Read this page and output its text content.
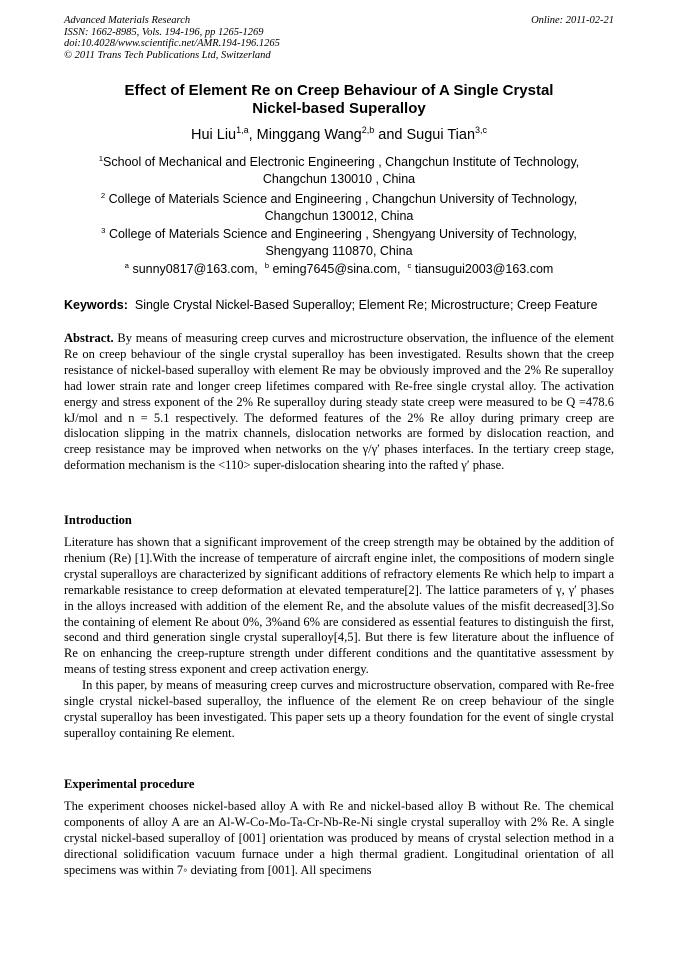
Advanced Materials Research
ISSN: 1662-8985, Vols. 194-196, pp 1265-1269
doi:10.4028/www.scientific.net/AMR.194-196.1265
© 2011 Trans Tech Publications Ltd, Switzerland
Online: 2011-02-21
Effect of Element Re on Creep Behaviour of A Single Crystal
Nickel-based Superalloy
Hui Liu$^{1,a}$, Minggang Wang$^{2,b}$ and Sugui Tian$^{3,c}$
$^1$School of Mechanical and Electronic Engineering , Changchun Institute of Technology,
Changchun 130010 , China
$^2$ College of Materials Science and Engineering , Changchun University of Technology,
Changchun 130012, China
$^3$ College of Materials Science and Engineering , Shengyang University of Technology,
Shengyang 110870, China
$^a$ sunny0817@163.com, $^b$ eming7645@sina.com, $^c$ tiansugui2003@163.com
Keywords: Single Crystal Nickel-Based Superalloy; Element Re; Microstructure; Creep Feature
Abstract. By means of measuring creep curves and microstructure observation, the influence of the element Re on creep behaviour of the single crystal superalloy has been investigated. Results shown that the creep resistance of nickel-based superalloy with element Re may be obviously improved and the 2% Re superalloy had lower strain rate and longer creep lifetimes compared with Re-free single crystal alloy. The activation energy and stress exponent of the 2% Re superalloy during steady state creep were measured to be Q =478.6 kJ/mol and n = 5.1 respectively. The deformed features of the 2% Re alloy during primary creep are dislocation slipping in the matrix channels, dislocation networks are formed by dislocation reaction, and creep resistance may be improved when networks on the γ/γ′ phases interfaces. In the tertiary creep stage, deformation mechanism is the <110> super-dislocation shearing into the rafted γ′ phase.
Introduction
Literature has shown that a significant improvement of the creep strength may be obtained by the addition of rhenium (Re) [1].With the increase of temperature of aircraft engine inlet, the compositions of modern single crystal superalloys are characterized by significant additions of refractory elements Re which help to impart a remarkable resistance to creep deformation at elevated temperature[2]. The lattice parameters of γ, γ′ phases in the alloys increased with addition of the element Re, and the absolute values of the misfit decreased[3].So the containing of element Re about 0%, 3%and 6% are considered as essential features to distinguish the first, second and third generation single crystal superalloy[4,5]. But there is few literature about the influence of Re on enhancing the creep-rupture strength under different conditions and the quantitative assessment by means of testing stress exponent and creep activation energy.
In this paper, by means of measuring creep curves and microstructure observation, compared with Re-free single crystal nickel-based superalloy, the influence of the element Re on creep behaviour of the single crystal superalloy has been investigated. This paper sets up a theory foundation for the event of single crystal superalloy containing Re element.
Experimental procedure
The experiment chooses nickel-based alloy A with Re and nickel-based alloy B without Re. The chemical components of alloy A are an Al-W-Co-Mo-Ta-Cr-Nb-Re-Ni single crystal superalloy with 2% Re. A single crystal nickel-based superalloy of [001] orientation was produced by means of crystal selection method in a directional solidification vacuum furnace under a high thermal gradient. Longitudinal orientation of all specimens was within 7◦ deviating from [001]. All specimens
